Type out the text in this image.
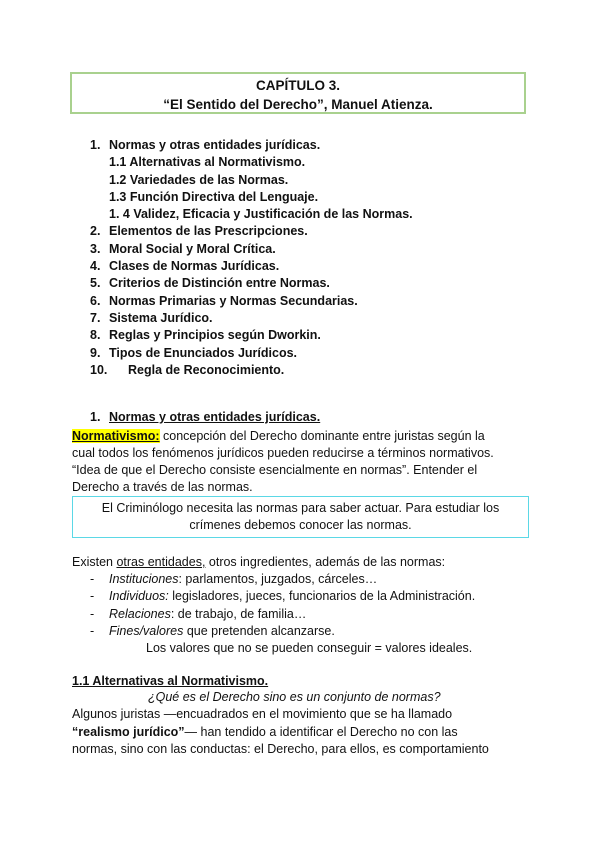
CAPÍTULO 3.
“El Sentido del Derecho”, Manuel Atienza.
1. Normas y otras entidades jurídicas.
1.1 Alternativas al Normativismo.
1.2 Variedades de las Normas.
1.3 Función Directiva del Lenguaje.
1. 4 Validez, Eficacia y Justificación de las Normas.
2. Elementos de las Prescripciones.
3. Moral Social y Moral Crítica.
4. Clases de Normas Jurídicas.
5. Criterios de Distinción entre Normas.
6. Normas Primarias y Normas Secundarias.
7. Sistema Jurídico.
8. Reglas y Principios según Dworkin.
9. Tipos de Enunciados Jurídicos.
10. Regla de Reconocimiento.
1. Normas y otras entidades jurídicas.
Normativismo: concepción del Derecho dominante entre juristas según la
cual todos los fenómenos jurídicos pueden reducirse a términos normativos.
“Idea de que el Derecho consiste esencialmente en normas”. Entender el
Derecho a través de las normas.
El Criminólogo necesita las normas para saber actuar. Para estudiar los
crímenes debemos conocer las normas.
Existen otras entidades, otros ingredientes, además de las normas:
- Instituciones: parlamentos, juzgados, cárceles…
- Individuos: legisladores, jueces, funcionarios de la Administración.
- Relaciones: de trabajo, de familia…
- Fines/valores que pretenden alcanzarse.
Los valores que no se pueden conseguir = valores ideales.
1.1 Alternativas al Normativismo.
¿Qué es el Derecho sino es un conjunto de normas?
Algunos juristas —encuadrados en el movimiento que se ha llamado
“realismo jurídico”— han tendido a identificar el Derecho no con las
normas, sino con las conductas: el Derecho, para ellos, es comportamiento
